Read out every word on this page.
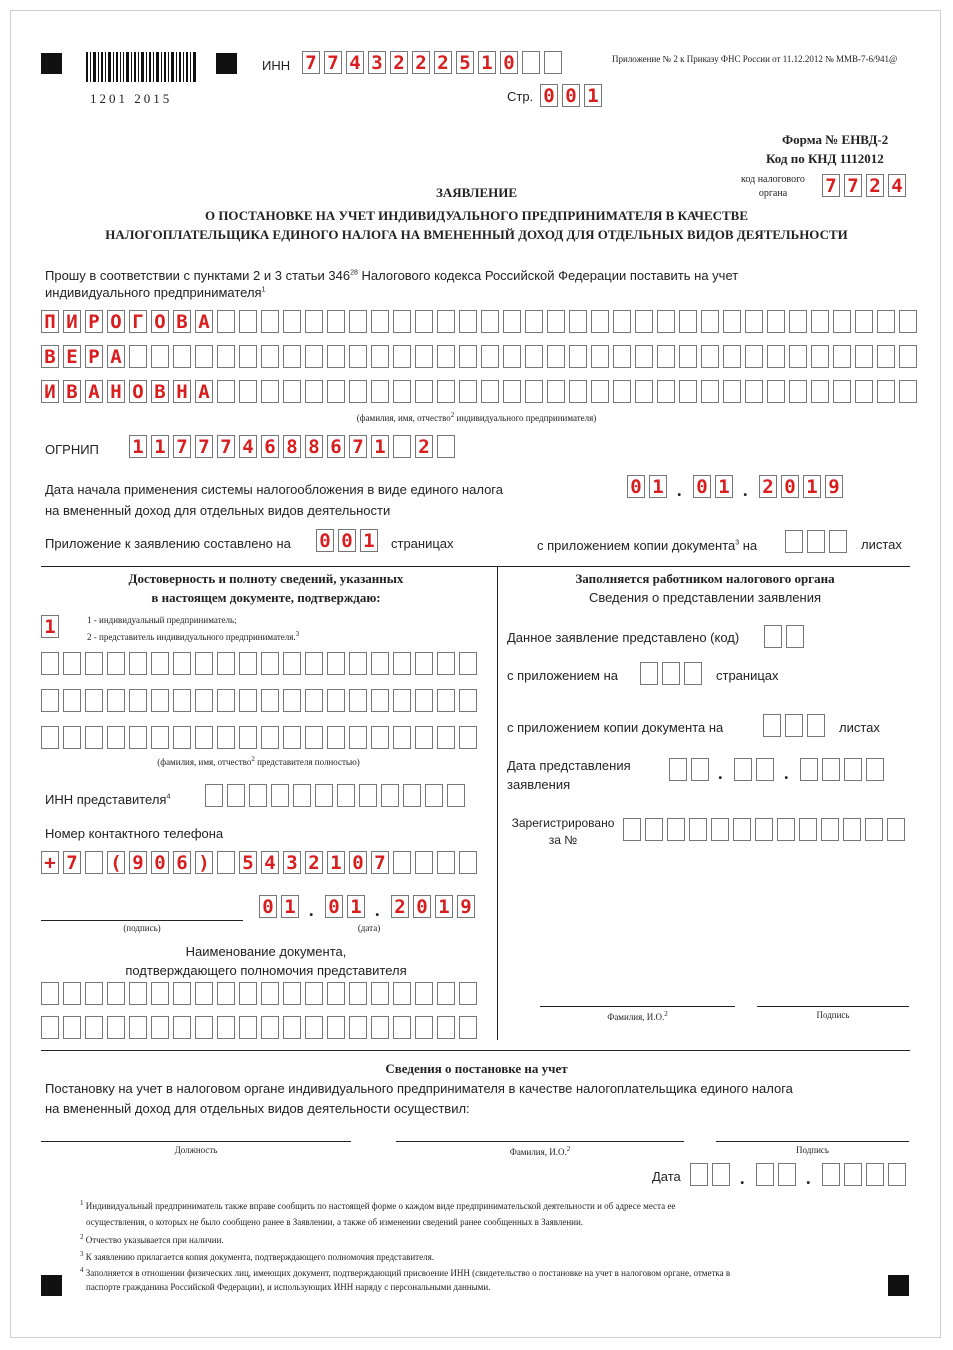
1201 2015
ИНН 7 7 4 3 2 2 2 5 1 0
Стр. 0 0 1
Приложение № 2 к Приказу ФНС России от 11.12.2012 № ММВ-7-6/941@
Форма № ЕНВД-2
Код по КНД 1112012
код налогового органа	7 7 2 4
ЗАЯВЛЕНИЕ
О ПОСТАНОВКЕ НА УЧЕТ ИНДИВИДУАЛЬНОГО ПРЕДПРИНИМАТЕЛЯ В КАЧЕСТВЕ
НАЛОГОПЛАТЕЛЬЩИКА ЕДИНОГО НАЛОГА НА ВМЕНЕННЫЙ ДОХОД ДЛЯ ОТДЕЛЬНЫХ ВИДОВ ДЕЯТЕЛЬНОСТИ
Прошу в соответствии с пунктами 2 и 3 статьи $346^{28}$ Налогового кодекса Российской Федерации поставить на учет
индивидуального предпринимателя$^1$
П И Р О Г О В А
В Е Р А
И В А Н О В Н А
(фамилия, имя, отчество$^2$ индивидуального предпринимателя)
ОГРНИП 1 1 7 7 7 4 6 8 8 6 7 1 2
Дата начала применения системы налогообложения в виде единого налога
на вмененный доход для отдельных видов деятельности
0 1 . 0 1 . 2 0 1 9
Приложение к заявлению составлено на 0 0 1 страницах	с приложением копии документа$^3$ на	листах
Достоверность и полноту сведений, указанных
в настоящем документе, подтверждаю:
1	1 - индивидуальный предприниматель;
2 - представитель индивидуального предпринимателя.$^3$
(фамилия, имя, отчество$^2$ представителя полностью)
ИНН представителя$^4$
Номер контактного телефона
+ 7 ( 9 0 6 ) 5 4 3 2 1 0 7
(подпись)
0 1 . 0 1 . 2 0 1 9
(дата)
Наименование документа,
подтверждающего полномочия представителя
Заполняется работником налогового органа
Сведения о представлении заявления
Данное заявление представлено (код)
с приложением на	страницах
с приложением копии документа на	листах
Дата представления
заявления
.	.
Зарегистрировано
за №
Фамилия, И.О.$^2$	Подпись
Сведения о постановке на учет
Постановку на учет в налоговом органе индивидуального предпринимателя в качестве налогоплательщика единого налога
на вмененный доход для отдельных видов деятельности осуществил:
Должность	Фамилия, И.О.$^2$	Подпись
Дата	.	.
$^1$ Индивидуальный предприниматель также вправе сообщить по настоящей форме о каждом виде предпринимательской деятельности и об адресе места ее
осуществления, о которых не было сообщено ранее в Заявлении, а также об изменении сведений ранее сообщенных в Заявлении.
$^2$ Отчество указывается при наличии.
$^3$ К заявлению прилагается копия документа, подтверждающего полномочия представителя.
$^4$ Заполняется в отношении физических лиц, имеющих документ, подтверждающий присвоение ИНН (свидетельство о постановке на учет в налоговом органе, отметка в
паспорте гражданина Российской Федерации), и использующих ИНН наряду с персональными данными.
